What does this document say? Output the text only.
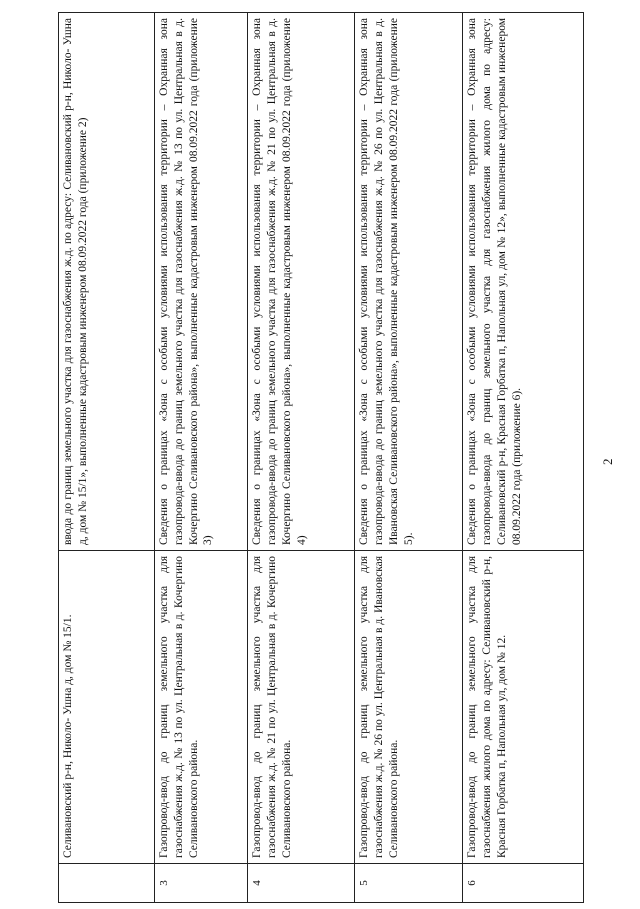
2
	Селивановский р-н, Николо- Ушна д, дом № 15/1.	ввода до границ земельного участка для газоснабжения ж.д. по адресу: Селивановский р-н, Николо- Ушна д, дом № 15/1», выполненные кадастровым инженером 08.09.2022 года (приложение 2)
3	Газопровод-ввод до границ земельного участка для газоснабжения ж.д. № 13 по ул. Центральная в д. Кочергино Селивановского района.	Сведения о границах «Зона с особыми условиями использования территории – Охранная зона газопровода-ввода до границ земельного участка для газоснабжения ж.д. № 13 по ул. Центральная в д. Кочергино Селивановского района», выполненные кадастровым инженером 08.09.2022 года (приложение 3)
4	Газопровод-ввод до границ земельного участка для газоснабжения ж.д. № 21 по ул. Центральная в д. Кочергино Селивановского района.	Сведения о границах «Зона с особыми условиями использования территории – Охранная зона газопровода-ввода до границ земельного участка для газоснабжения ж.д. № 21 по ул. Центральная в д. Кочергино Селивановского района», выполненные кадастровым инженером 08.09.2022 года (приложение 4)
5	Газопровод-ввод до границ земельного участка для газоснабжения ж.д. № 26 по ул. Центральная в д. Ивановская Селивановского района.	Сведения о границах «Зона с особыми условиями использования территории – Охранная зона газопровода-ввода до границ земельного участка для газоснабжения ж.д. № 26 по ул. Центральная в д. Ивановская Селивановского района», выполненные кадастровым инженером 08.09.2022 года (приложение 5).
6	Газопровод-ввод до границ земельного участка для газоснабжения жилого дома по адресу: Селивановский р-н, Красная Горбатка п, Напольная ул, дом № 12.	Сведения о границах «Зона с особыми условиями использования территории – Охранная зона газопровода-ввода до границ земельного участка для газоснабжения жилого дома по адресу: Селивановский р-н, Красная Горбатка п, Напольная ул, дом № 12», выполненные кадастровым инженером 08.09.2022 года (приложение 6).
